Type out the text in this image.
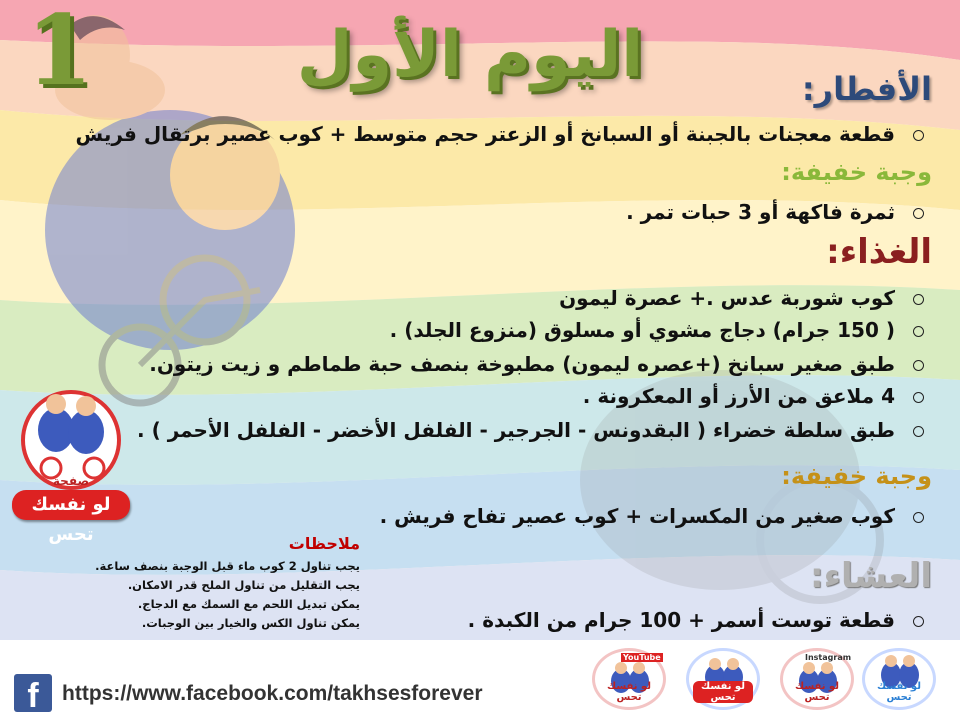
اليوم الأول
1	الأفطار:
قطعة معجنات بالجبنة أو السبانخ أو الزعتر حجم متوسط + كوب عصير برتقال فريش
وجبة خفيفة:
ثمرة فاكهة أو 3 حبات تمر .
الغذاء:
كوب شوربة عدس .+ عصرة ليمون
( 150 جرام) دجاج مشوي أو مسلوق (منزوع الجلد) .
طبق صغير سبانخ (+عصره ليمون) مطبوخة بنصف حبة طماطم و زيت زيتون.
4 ملاعق من الأرز أو المعكرونة .
طبق سلطة خضراء ( البقدونس - الجرجير - الفلفل الأخضر - الفلفل الأحمر ) .
وجبة خفيفة:
كوب صغير من المكسرات + كوب عصير تفاح فريش .
العشاء:
قطعة توست أسمر + 100 جرام من الكبدة .
ملاحظات
يجب تناول 2 كوب ماء قبل الوجبة بنصف ساعة.
يجب التقليل من تناول الملح قدر الامكان.
يمكن تبديل اللحم مع السمك مع الدجاج.
يمكن تناول الكس والخيار بين الوجبات.
صفحة
لو نفسك تحس
f	https://www.facebook.com/takhsesforever	لو نفسك تحس
Instagram
لو نفسك تحس
لو نفسك تحس
YouTube
لو نفسك تحس
